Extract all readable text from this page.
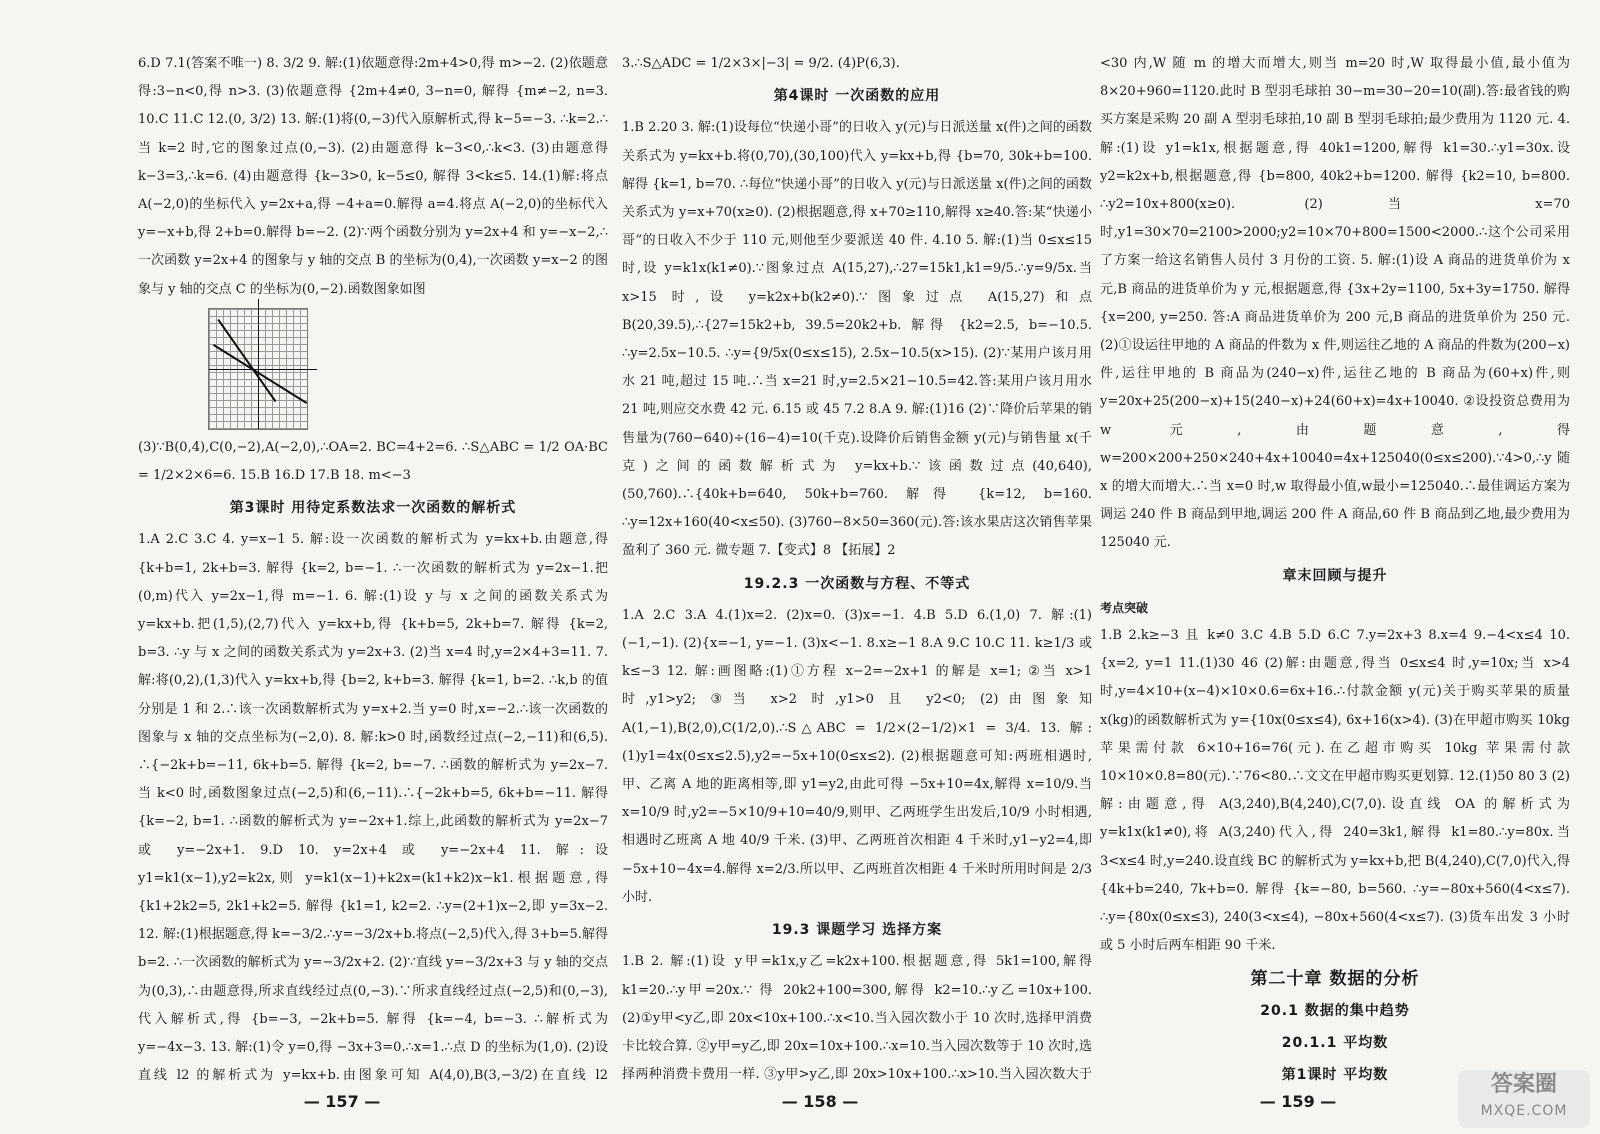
6.D 7.1(答案不唯一) 8. 3/2 9. 解:(1)依题意得:2m+4>0,得 m>−2. (2)依题意得:3−n<0,得 n>3. (3)依题意得 {2m+4≠0, 3−n=0, 解得 {m≠−2, n=3. 10.C 11.C 12.(0, 3/2) 13. 解:(1)将(0,−3)代入原解析式,得 k−5=−3. ∴k=2.∴当 k=2 时,它的图象过点(0,−3). (2)由题意得 k−3<0,∴k<3. (3)由题意得 k−3=3,∴k=6. (4)由题意得 {k−3>0, k−5≤0, 解得 3<k≤5. 14.(1)解:将点 A(−2,0)的坐标代入 y=2x+a,得 −4+a=0.解得 a=4.将点 A(−2,0)的坐标代入 y=−x+b,得 2+b=0.解得 b=−2. (2)∵两个函数分别为 y=2x+4 和 y=−x−2,∴一次函数 y=2x+4 的图象与 y 轴的交点 B 的坐标为(0,4),一次函数 y=x−2 的图象与 y 轴的交点 C 的坐标为(0,−2).函数图象如图

(3)∵B(0,4),C(0,−2),A(−2,0),∴OA=2. BC=4+2=6. ∴S△ABC = 1/2 OA·BC = 1/2×2×6=6. 15.B 16.D 17.B 18. m<−3

第3课时 用待定系数法求一次函数的解析式

1.A 2.C 3.C 4. y=x−1 5. 解:设一次函数的解析式为 y=kx+b.由题意,得 {k+b=1, 2k+b=3. 解得 {k=2, b=−1. ∴一次函数的解析式为 y=2x−1.把(0,m)代入 y=2x−1,得 m=−1. 6. 解:(1)设 y 与 x 之间的函数关系式为 y=kx+b.把(1,5),(2,7)代入 y=kx+b,得 {k+b=5, 2k+b=7. 解得 {k=2, b=3. ∴y 与 x 之间的函数关系式为 y=2x+3. (2)当 x=4 时,y=2×4+3=11. 7. 解:将(0,2),(1,3)代入 y=kx+b,得 {b=2, k+b=3. 解得 {k=1, b=2. ∴k,b 的值分别是 1 和 2.∴该一次函数解析式为 y=x+2.当 y=0 时,x=−2.∴该一次函数的图象与 x 轴的交点坐标为(−2,0). 8. 解:k>0 时,函数经过点(−2,−11)和(6,5). ∴{−2k+b=−11, 6k+b=5. 解得 {k=2, b=−7. ∴函数的解析式为 y=2x−7.当 k<0 时,函数图象过点(−2,5)和(6,−11).∴{−2k+b=5, 6k+b=−11. 解得 {k=−2, b=1. ∴函数的解析式为 y=−2x+1.综上,此函数的解析式为 y=2x−7 或 y=−2x+1. 9.D 10. y=2x+4 或 y=−2x+4 11. 解:设 y1=k1(x−1),y2=k2x,则 y=k1(x−1)+k2x=(k1+k2)x−k1.根据题意,得 {k1+2k2=5, 2k1+k2=5. 解得 {k1=1, k2=2. ∴y=(2+1)x−2,即 y=3x−2. 12. 解:(1)根据题意,得 k=−3/2.∴y=−3/2x+b.将点(−2,5)代入,得 3+b=5.解得 b=2. ∴一次函数的解析式为 y=−3/2x+2. (2)∵直线 y=−3/2x+3 与 y 轴的交点为(0,3),∴由题意得,所求直线经过点(0,−3).∵所求直线经过点(−2,5)和(0,−3),代入解析式,得 {b=−3, −2k+b=5. 解得 {k=−4, b=−3. ∴解析式为 y=−4x−3. 13. 解:(1)令 y=0,得 −3x+3=0.∴x=1.∴点 D 的坐标为(1,0). (2)设直线 l2 的解析式为 y=kx+b.由图象可知 A(4,0),B(3,−3/2)在直线 l2

3.∴S△ADC = 1/2×3×|−3| = 9/2. (4)P(6,3).

第4课时 一次函数的应用

1.B 2.20 3. 解:(1)设每位“快递小哥”的日收入 y(元)与日派送量 x(件)之间的函数关系式为 y=kx+b.将(0,70),(30,100)代入 y=kx+b,得 {b=70, 30k+b=100. 解得 {k=1, b=70. ∴每位“快递小哥”的日收入 y(元)与日派送量 x(件)之间的函数关系式为 y=x+70(x≥0). (2)根据题意,得 x+70≥110,解得 x≥40.答:某“快递小哥”的日收入不少于 110 元,则他至少要派送 40 件. 4.10 5. 解:(1)当 0≤x≤15 时,设 y=k1x(k1≠0).∵图象过点 A(15,27),∴27=15k1,k1=9/5.∴y=9/5x.当 x>15 时,设 y=k2x+b(k2≠0).∵图象过点 A(15,27)和点 B(20,39.5),∴{27=15k2+b, 39.5=20k2+b. 解得 {k2=2.5, b=−10.5. ∴y=2.5x−10.5. ∴y={9/5x(0≤x≤15), 2.5x−10.5(x>15). (2)∵某用户该月用水 21 吨,超过 15 吨.∴当 x=21 时,y=2.5×21−10.5=42.答:某用户该月用水 21 吨,则应交水费 42 元. 6.15 或 45 7.2 8.A 9. 解:(1)16 (2)∵降价后苹果的销售量为(760−640)÷(16−4)=10(千克).设降价后销售金额 y(元)与销售量 x(千克)之间的函数解析式为 y=kx+b.∵该函数过点(40,640),(50,760).∴{40k+b=640, 50k+b=760. 解得 {k=12, b=160. ∴y=12x+160(40<x≤50). (3)760−8×50=360(元).答:该水果店这次销售苹果盈利了 360 元. 微专题 7.【变式】8 【拓展】2

19.2.3 一次函数与方程、不等式

1.A 2.C 3.A 4.(1)x=2. (2)x=0. (3)x=−1. 4.B 5.D 6.(1,0) 7. 解:(1)(−1,−1). (2){x=−1, y=−1. (3)x<−1. 8.x≥−1 8.A 9.C 10.C 11. k≥1/3 或 k≤−3 12. 解:画图略:(1)①方程 x−2=−2x+1 的解是 x=1; ②当 x>1 时,y1>y2; ③当 x>2 时,y1>0 且 y2<0; (2)由图象知 A(1,−1),B(2,0),C(1/2,0).∴S△ABC = 1/2×(2−1/2)×1 = 3/4. 13. 解:(1)y1=4x(0≤x≤2.5),y2=−5x+10(0≤x≤2). (2)根据题意可知:两班相遇时,甲、乙离 A 地的距离相等,即 y1=y2,由此可得 −5x+10=4x,解得 x=10/9.当 x=10/9 时,y2=−5×10/9+10=40/9,则甲、乙两班学生出发后,10/9 小时相遇,相遇时乙班离 A 地 40/9 千米. (3)甲、乙两班首次相距 4 千米时,y1−y2=4,即 −5x+10−4x=4.解得 x=2/3.所以甲、乙两班首次相距 4 千米时所用时间是 2/3 小时.

19.3 课题学习 选择方案

1.B 2. 解:(1)设 y甲=k1x,y乙=k2x+100.根据题意,得 5k1=100,解得 k1=20.∴y甲=20x.∵ 得 20k2+100=300,解得 k2=10.∴y乙=10x+100. (2)①y甲<y乙,即 20x<10x+100.∴x<10.当入园次数小于 10 次时,选择甲消费卡比较合算. ②y甲=y乙,即 20x=10x+100.∴x=10.当入园次数等于 10 次时,选择两种消费卡费用一样. ③y甲>y乙,即 20x>10x+100.∴x>10.当入园次数大于

<30 内,W 随 m 的增大而增大,则当 m=20 时,W 取得最小值,最小值为 8×20+960=1120.此时 B 型羽毛球拍 30−m=30−20=10(副).答:最省钱的购买方案是采购 20 副 A 型羽毛球拍,10 副 B 型羽毛球拍;最少费用为 1120 元. 4. 解:(1)设 y1=k1x,根据题意,得 40k1=1200,解得 k1=30.∴y1=30x.设 y2=k2x+b,根据题意,得 {b=800, 40k2+b=1200. 解得 {k2=10, b=800. ∴y2=10x+800(x≥0). (2)当 x=70 时,y1=30×70=2100>2000;y2=10×70+800=1500<2000.∴这个公司采用了方案一给这名销售人员付 3 月份的工资. 5. 解:(1)设 A 商品的进货单价为 x 元,B 商品的进货单价为 y 元,根据题意,得 {3x+2y=1100, 5x+3y=1750. 解得 {x=200, y=250. 答:A 商品进货单价为 200 元,B 商品的进货单价为 250 元. (2)①设运往甲地的 A 商品的件数为 x 件,则运往乙地的 A 商品的件数为(200−x)件,运往甲地的 B 商品为(240−x)件,运往乙地的 B 商品为(60+x)件,则 y=20x+25(200−x)+15(240−x)+24(60+x)=4x+10040. ②设投资总费用为 w 元,由题意,得 w=200×200+250×240+4x+10040=4x+125040(0≤x≤200).∵4>0,∴y 随 x 的增大而增大.∴当 x=0 时,w 取得最小值,w最小=125040.∴最佳调运方案为调运 240 件 B 商品到甲地,调运 200 件 A 商品,60 件 B 商品到乙地,最少费用为 125040 元.

章末回顾与提升
考点突破

1.B 2.k≥−3 且 k≠0 3.C 4.B 5.D 6.C 7.y=2x+3 8.x=4 9.−4<x≤4 10.{x=2, y=1 11.(1)30 46 (2)解:由题意,得当 0≤x≤4 时,y=10x;当 x>4 时,y=4×10+(x−4)×10×0.6=6x+16.∴付款金额 y(元)关于购买苹果的质量 x(kg)的函数解析式为 y={10x(0≤x≤4), 6x+16(x>4). (3)在甲超市购买 10kg 苹果需付款 6×10+16=76(元).在乙超市购买 10kg 苹果需付款 10×10×0.8=80(元).∵76<80.∴文文在甲超市购买更划算. 12.(1)50 80 3 (2)解:由题意,得 A(3,240),B(4,240),C(7,0).设直线 OA 的解析式为 y=k1x(k1≠0),将 A(3,240)代入,得 240=3k1,解得 k1=80.∴y=80x.当 3<x≤4 时,y=240.设直线 BC 的解析式为 y=kx+b,把 B(4,240),C(7,0)代入,得 {4k+b=240, 7k+b=0. 解得 {k=−80, b=560. ∴y=−80x+560(4<x≤7). ∴y={80x(0≤x≤3), 240(3<x≤4), −80x+560(4<x≤7). (3)货车出发 3 小时或 5 小时后两车相距 90 千米.

第二十章 数据的分析
20.1 数据的集中趋势
20.1.1 平均数
第1课时 平均数

— 157 —	— 158 —	— 159 —
答案圈
MXQE.COM
